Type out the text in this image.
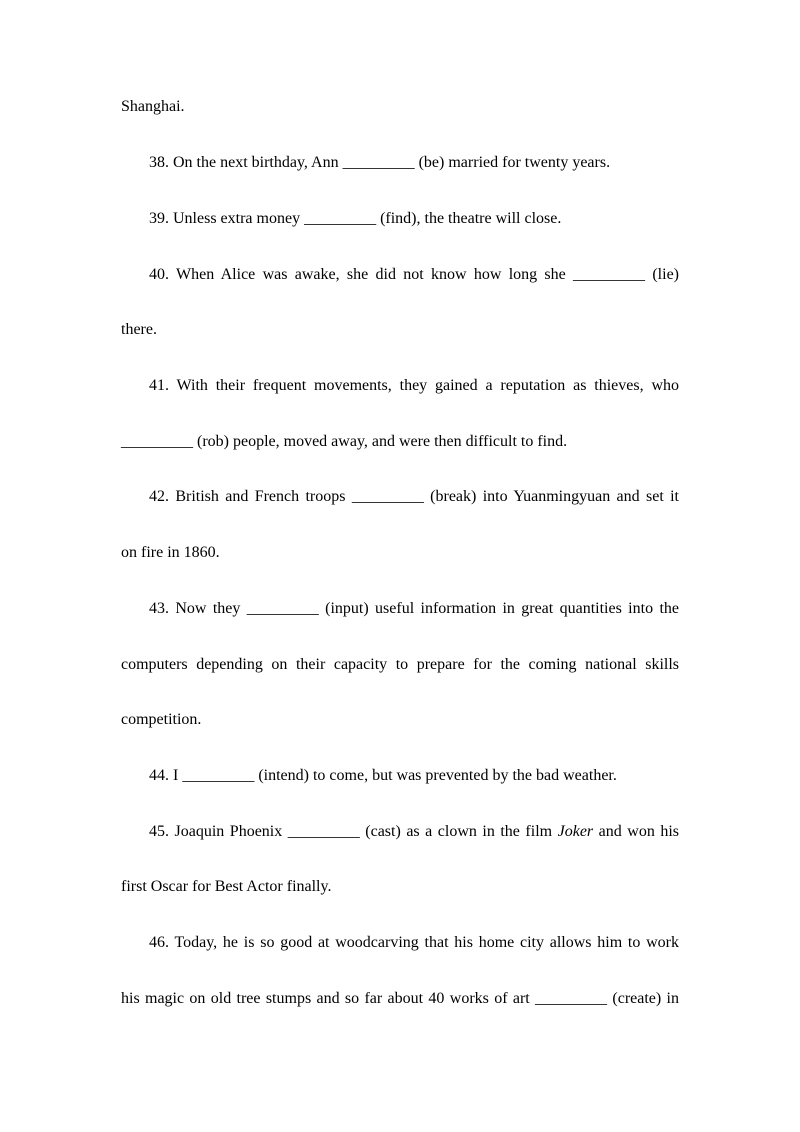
Shanghai.
38. On the next birthday, Ann _________ (be) married for twenty years.
39. Unless extra money _________ (find), the theatre will close.
40. When Alice was awake, she did not know how long she _________ (lie)
there.
41. With their frequent movements, they gained a reputation as thieves, who
_________ (rob) people, moved away, and were then difficult to find.
42. British and French troops _________ (break) into Yuanmingyuan and set it
on fire in 1860.
43. Now they _________ (input) useful information in great quantities into the
computers depending on their capacity to prepare for the coming national skills
competition.
44. I _________ (intend) to come, but was prevented by the bad weather.
45. Joaquin Phoenix _________ (cast) as a clown in the film Joker and won his
first Oscar for Best Actor finally.
46. Today, he is so good at woodcarving that his home city allows him to work
his magic on old tree stumps and so far about 40 works of art _________ (create) in
